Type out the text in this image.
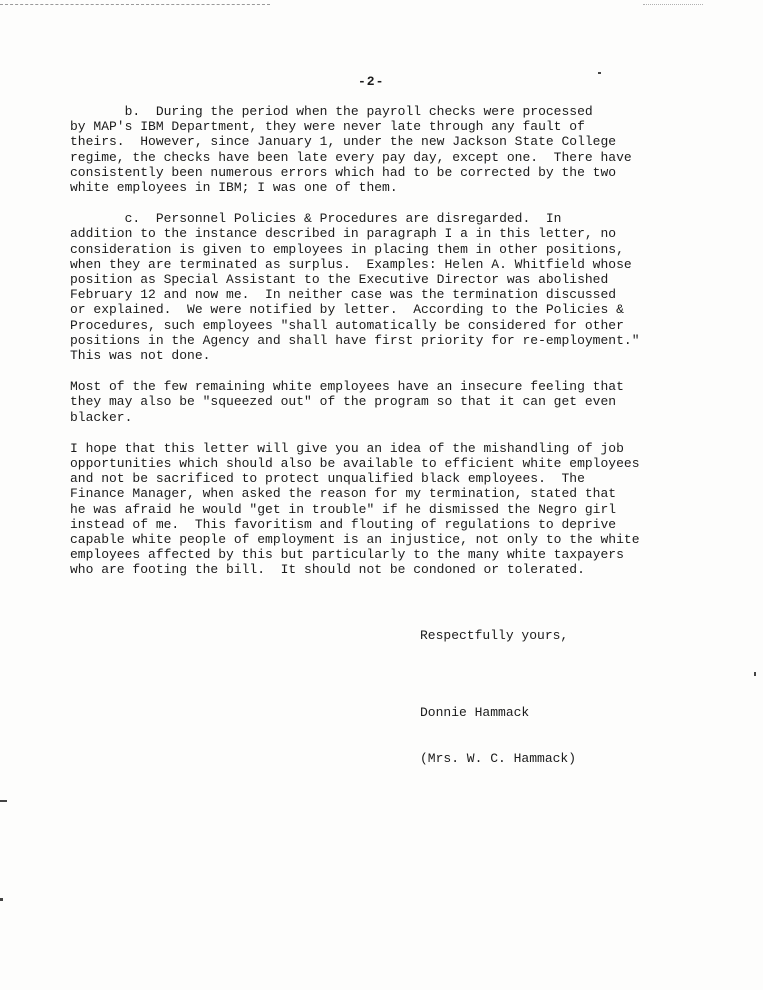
-2-

b.  During the period when the payroll checks were processed

by MAP's IBM Department, they were never late through any fault of

theirs.  However, since January 1, under the new Jackson State College

regime, the checks have been late every pay day, except one.  There have

consistently been numerous errors which had to be corrected by the two

white employees in IBM; I was one of them.

c.  Personnel Policies & Procedures are disregarded.  In

addition to the instance described in paragraph I a in this letter, no

consideration is given to employees in placing them in other positions,

when they are terminated as surplus.  Examples: Helen A. Whitfield whose

position as Special Assistant to the Executive Director was abolished

February 12 and now me.  In neither case was the termination discussed

or explained.  We were notified by letter.  According to the Policies &

Procedures, such employees "shall automatically be considered for other

positions in the Agency and shall have first priority for re-employment."

This was not done.

Most of the few remaining white employees have an insecure feeling that

they may also be "squeezed out" of the program so that it can get even

blacker.

I hope that this letter will give you an idea of the mishandling of job

opportunities which should also be available to efficient white employees

and not be sacrificed to protect unqualified black employees.  The

Finance Manager, when asked the reason for my termination, stated that

he was afraid he would "get in trouble" if he dismissed the Negro girl

instead of me.  This favoritism and flouting of regulations to deprive

capable white people of employment is an injustice, not only to the white

employees affected by this but particularly to the many white taxpayers

who are footing the bill.  It should not be condoned or tolerated.

Respectfully yours,

Donnie Hammack

(Mrs. W. C. Hammack)
